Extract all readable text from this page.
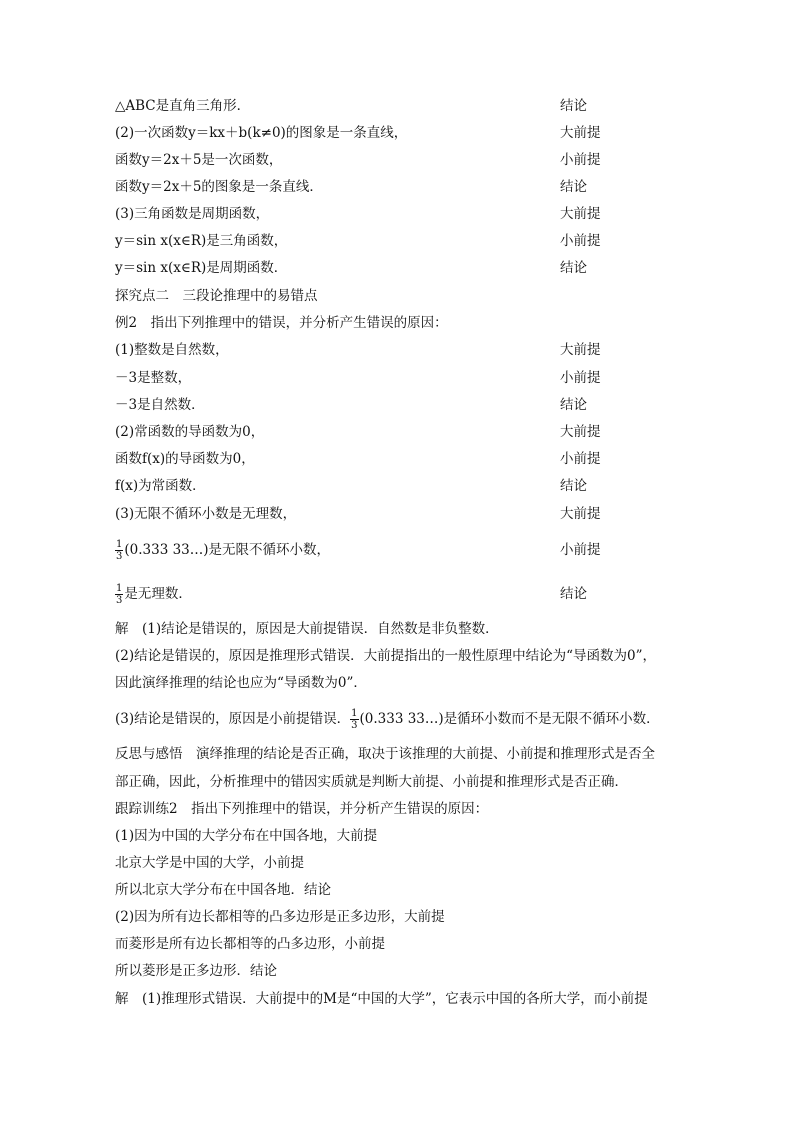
△ABC是直角三角形．	结论
(2)一次函数y＝kx＋b(k≠0)的图象是一条直线，	大前提
函数y＝2x＋5是一次函数，	小前提
函数y＝2x＋5的图象是一条直线．	结论
(3)三角函数是周期函数，	大前提
y＝sin x(x∈R)是三角函数，	小前提
y＝sin x(x∈R)是周期函数．	结论
探究点二　三段论推理中的易错点
例2　指出下列推理中的错误，并分析产生错误的原因：
(1)整数是自然数，	大前提
－3是整数，	小前提
－3是自然数．	结论
(2)常函数的导函数为0，	大前提
函数f(x)的导函数为0，	小前提
f(x)为常函数．	结论
(3)无限不循环小数是无理数，	大前提
$\frac{1}{3} (0.333$ 33…)是无限不循环小数，	小前提
$\frac{1}{3}$ 是无理数．	结论
解　(1)结论是错误的，原因是大前提错误．自然数是非负整数．
(2)结论是错误的，原因是推理形式错误．大前提指出的一般性原理中结论为“导函数为0”，
因此演绎推理的结论也应为“导函数为0”．
(3)结论是错误的，原因是小前提错误． $\frac{1}{3} (0.333$ 33…)是循环小数而不是无限不循环小数．
反思与感悟　演绎推理的结论是否正确，取决于该推理的大前提、小前提和推理形式是否全
部正确，因此，分析推理中的错因实质就是判断大前提、小前提和推理形式是否正确．
跟踪训练2　指出下列推理中的错误，并分析产生错误的原因：
(1)因为中国的大学分布在中国各地，大前提
北京大学是中国的大学，小前提
所以北京大学分布在中国各地．结论
(2)因为所有边长都相等的凸多边形是正多边形，大前提
而菱形是所有边长都相等的凸多边形，小前提
所以菱形是正多边形．结论
解　(1)推理形式错误．大前提中的M是“中国的大学”，它表示中国的各所大学，而小前提
